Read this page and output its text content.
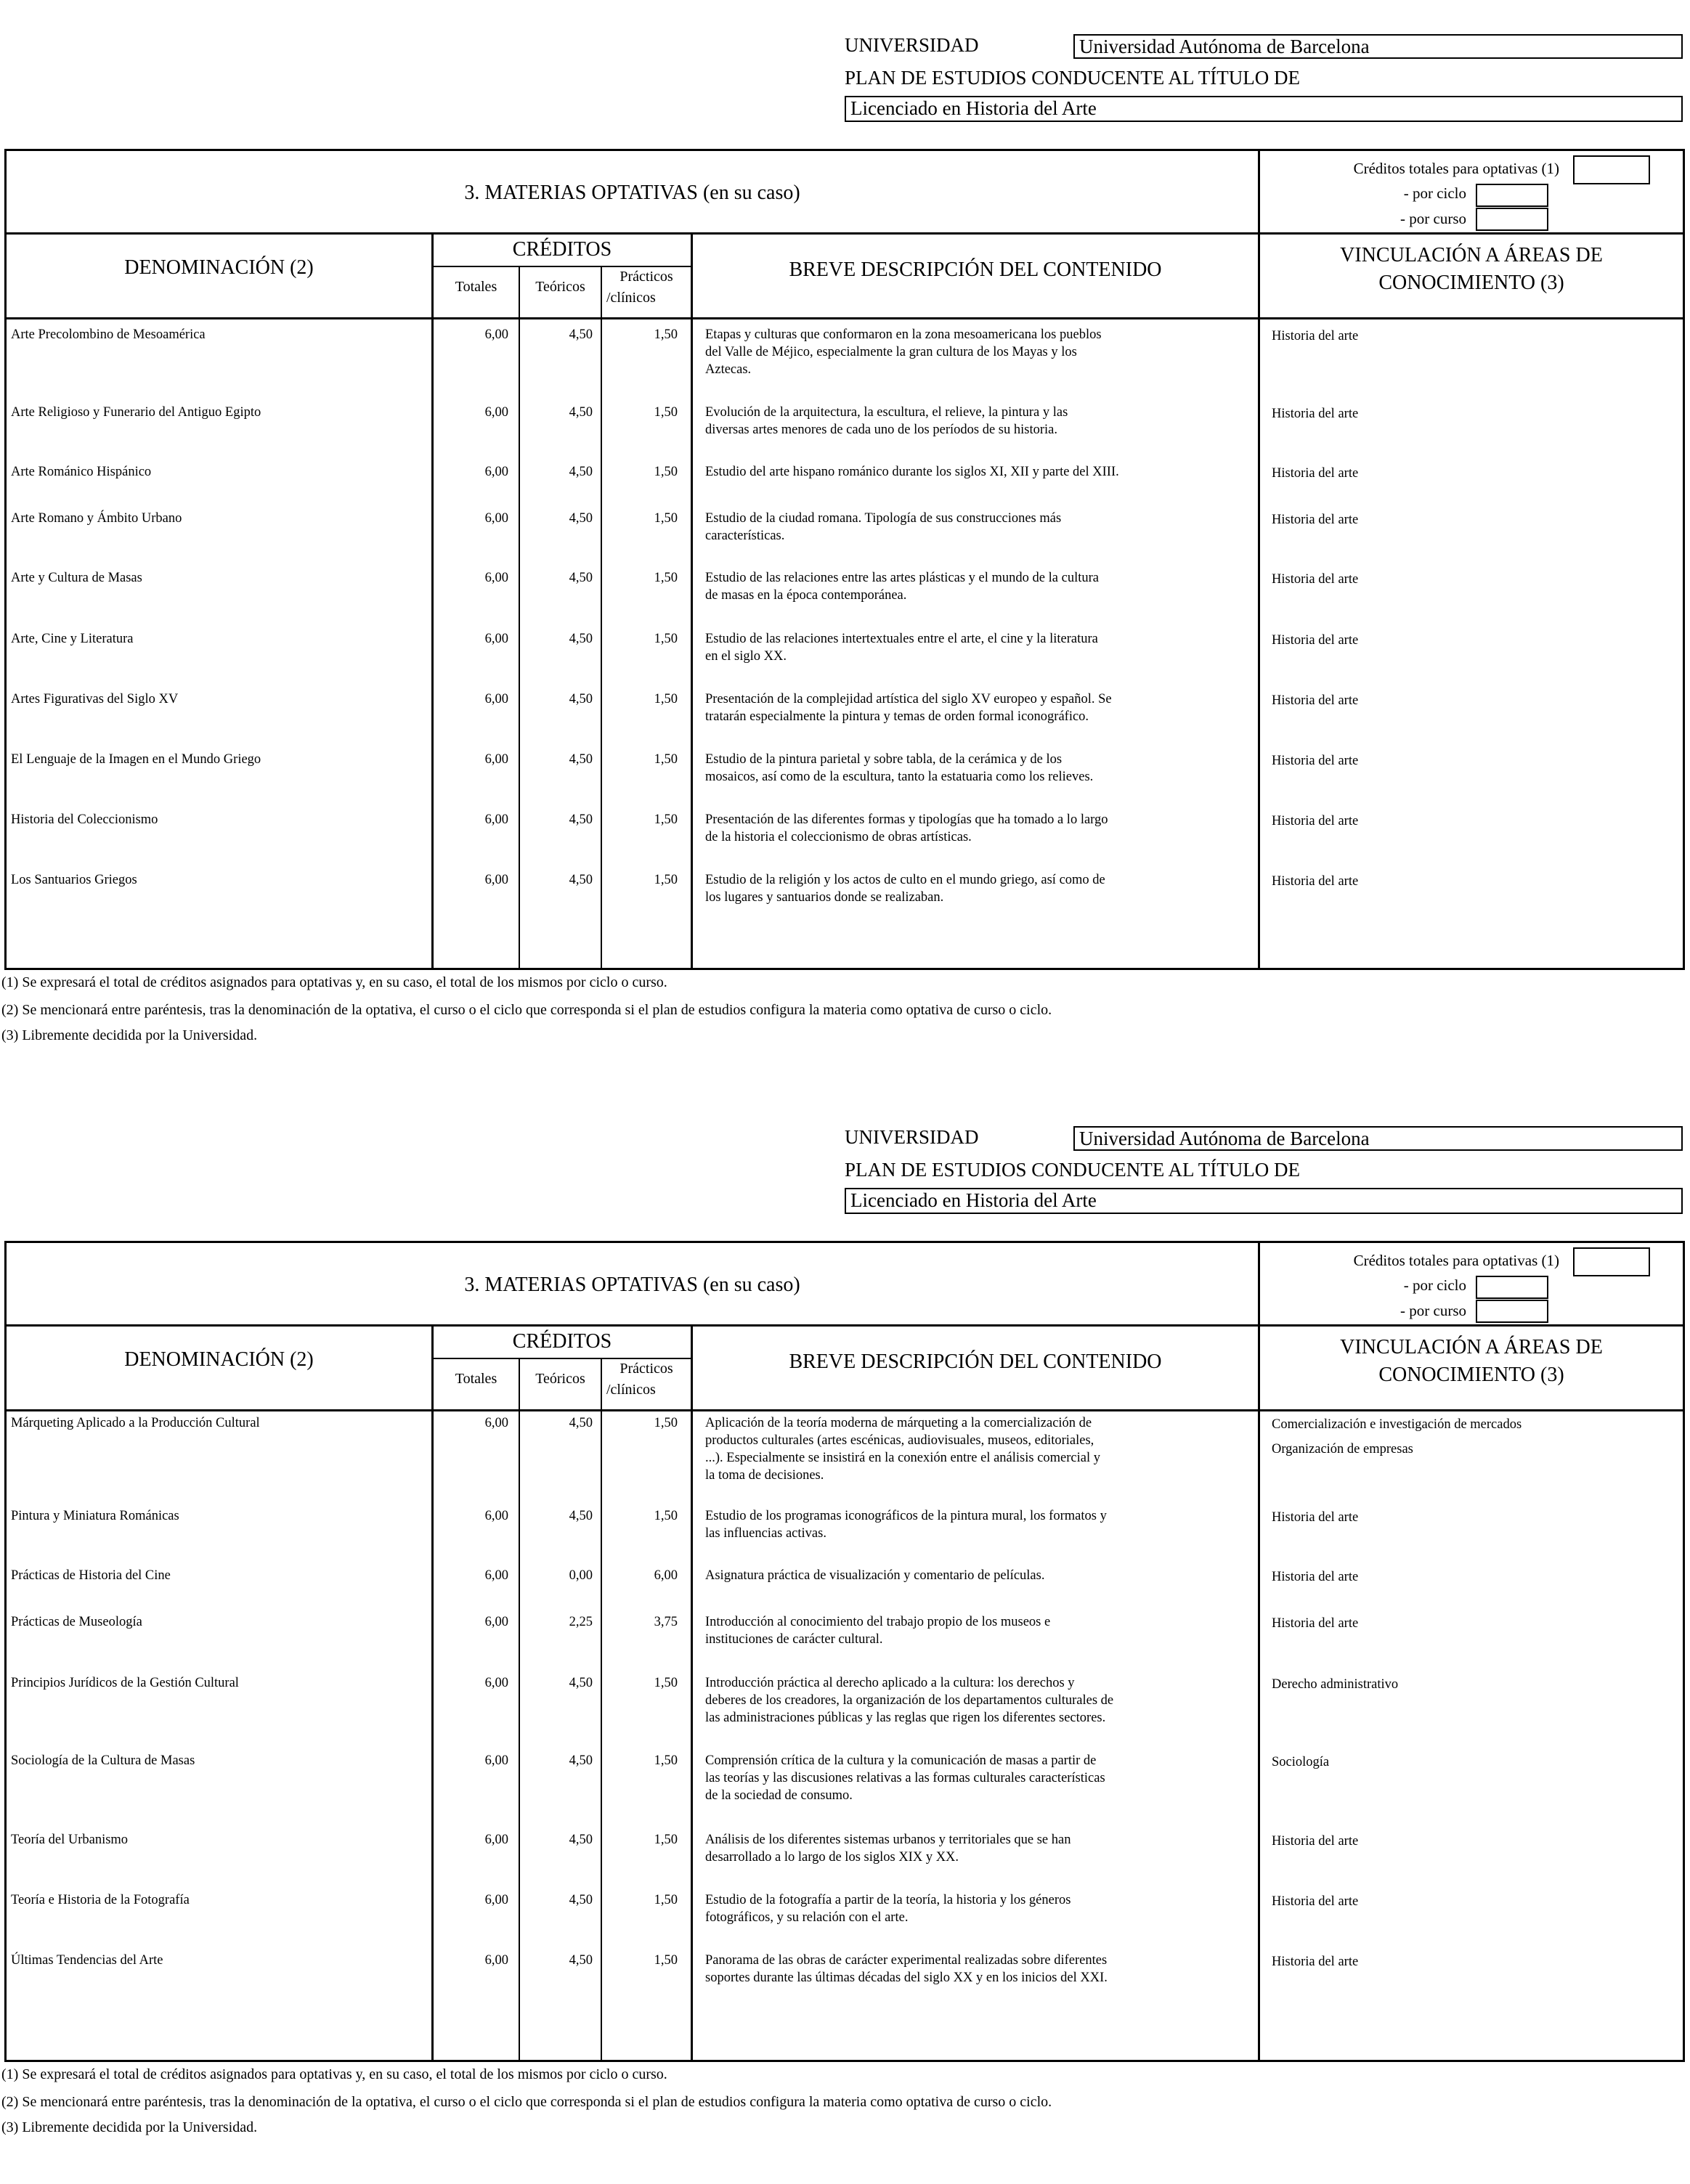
UNIVERSIDAD	Universidad Autónoma de Barcelona
PLAN DE ESTUDIOS CONDUCENTE AL TÍTULO DE
Licenciado en Historia del Arte
3. MATERIAS OPTATIVAS (en su caso)
Créditos totales para optativas (1)
- por ciclo
- por curso
DENOMINACIÓN (2)
CRÉDITOS
Totales	Teóricos
Prácticos
/clínicos
BREVE DESCRIPCIÓN DEL CONTENIDO
VINCULACIÓN A ÁREAS DE
CONOCIMIENTO (3)
Arte Precolombino de Mesoamérica	6,00	4,50	1,50 Etapas y culturas que conformaron en la zona mesoamericana los pueblos
del Valle de Méjico, especialmente la gran cultura de los Mayas y los
Aztecas.
Historia del arte
Arte Religioso y Funerario del Antiguo Egipto	6,00	4,50	1,50 Evolución de la arquitectura, la escultura, el relieve, la pintura y las
diversas artes menores de cada uno de los períodos de su historia.
Historia del arte
Arte Románico Hispánico	6,00	4,50	1,50 Estudio del arte hispano románico durante los siglos XI, XII y parte del XIII.	Historia del arte
Arte Romano y Ámbito Urbano	6,00	4,50	1,50 Estudio de la ciudad romana. Tipología de sus construcciones más
características.
Historia del arte
Arte y Cultura de Masas	6,00	4,50	1,50 Estudio de las relaciones entre las artes plásticas y el mundo de la cultura
de masas en la época contemporánea.
Historia del arte
Arte, Cine y Literatura	6,00	4,50	1,50 Estudio de las relaciones intertextuales entre el arte, el cine y la literatura
en el siglo XX.
Historia del arte
Artes Figurativas del Siglo XV	6,00	4,50	1,50 Presentación de la complejidad artística del siglo XV europeo y español. Se
tratarán especialmente la pintura y temas de orden formal iconográfico.
Historia del arte
El Lenguaje de la Imagen en el Mundo Griego	6,00	4,50	1,50 Estudio de la pintura parietal y sobre tabla, de la cerámica y de los
mosaicos, así como de la escultura, tanto la estatuaria como los relieves.
Historia del arte
Historia del Coleccionismo	6,00	4,50	1,50 Presentación de las diferentes formas y tipologías que ha tomado a lo largo
de la historia el coleccionismo de obras artísticas.
Historia del arte
Los Santuarios Griegos	6,00	4,50	1,50 Estudio de la religión y los actos de culto en el mundo griego, así como de
los lugares y santuarios donde se realizaban.
Historia del arte
(1) Se expresará el total de créditos asignados para optativas y, en su caso, el total de los mismos por ciclo o curso.
(2) Se mencionará entre paréntesis, tras la denominación de la optativa, el curso o el ciclo que corresponda si el plan de estudios configura la materia como optativa de curso o ciclo.
(3) Libremente decidida por la Universidad.
UNIVERSIDAD	Universidad Autónoma de Barcelona
PLAN DE ESTUDIOS CONDUCENTE AL TÍTULO DE
Licenciado en Historia del Arte
3. MATERIAS OPTATIVAS (en su caso)
Créditos totales para optativas (1)
- por ciclo
- por curso
DENOMINACIÓN (2)
CRÉDITOS
Totales	Teóricos
Prácticos
/clínicos
BREVE DESCRIPCIÓN DEL CONTENIDO
VINCULACIÓN A ÁREAS DE
CONOCIMIENTO (3)
Márqueting Aplicado a la Producción Cultural	6,00	4,50	1,50 Aplicación de la teoría moderna de márqueting a la comercialización de
productos culturales (artes escénicas, audiovisuales, museos, editoriales,
...). Especialmente se insistirá en la conexión entre el análisis comercial y
la toma de decisiones.
Comercialización e investigación de mercados
Organización de empresas
Pintura y Miniatura Románicas	6,00	4,50	1,50 Estudio de los programas iconográficos de la pintura mural, los formatos y
las influencias activas.
Historia del arte
Prácticas de Historia del Cine	6,00	0,00	6,00 Asignatura práctica de visualización y comentario de películas.	Historia del arte
Prácticas de Museología	6,00	2,25	3,75 Introducción al conocimiento del trabajo propio de los museos e
instituciones de carácter cultural.
Historia del arte
Principios Jurídicos de la Gestión Cultural	6,00	4,50	1,50 Introducción práctica al derecho aplicado a la cultura: los derechos y
deberes de los creadores, la organización de los departamentos culturales de
las administraciones públicas y las reglas que rigen los diferentes sectores.
Derecho administrativo
Sociología de la Cultura de Masas	6,00	4,50	1,50 Comprensión crítica de la cultura y la comunicación de masas a partir de
las teorías y las discusiones relativas a las formas culturales características
de la sociedad de consumo.
Sociología
Teoría del Urbanismo	6,00	4,50	1,50 Análisis de los diferentes sistemas urbanos y territoriales que se han
desarrollado a lo largo de los siglos XIX y XX.
Historia del arte
Teoría e Historia de la Fotografía	6,00	4,50	1,50 Estudio de la fotografía a partir de la teoría, la historia y los géneros
fotográficos, y su relación con el arte.
Historia del arte
Últimas Tendencias del Arte	6,00	4,50	1,50 Panorama de las obras de carácter experimental realizadas sobre diferentes
soportes durante las últimas décadas del siglo XX y en los inicios del XXI.
Historia del arte
(1) Se expresará el total de créditos asignados para optativas y, en su caso, el total de los mismos por ciclo o curso.
(2) Se mencionará entre paréntesis, tras la denominación de la optativa, el curso o el ciclo que corresponda si el plan de estudios configura la materia como optativa de curso o ciclo.
(3) Libremente decidida por la Universidad.
